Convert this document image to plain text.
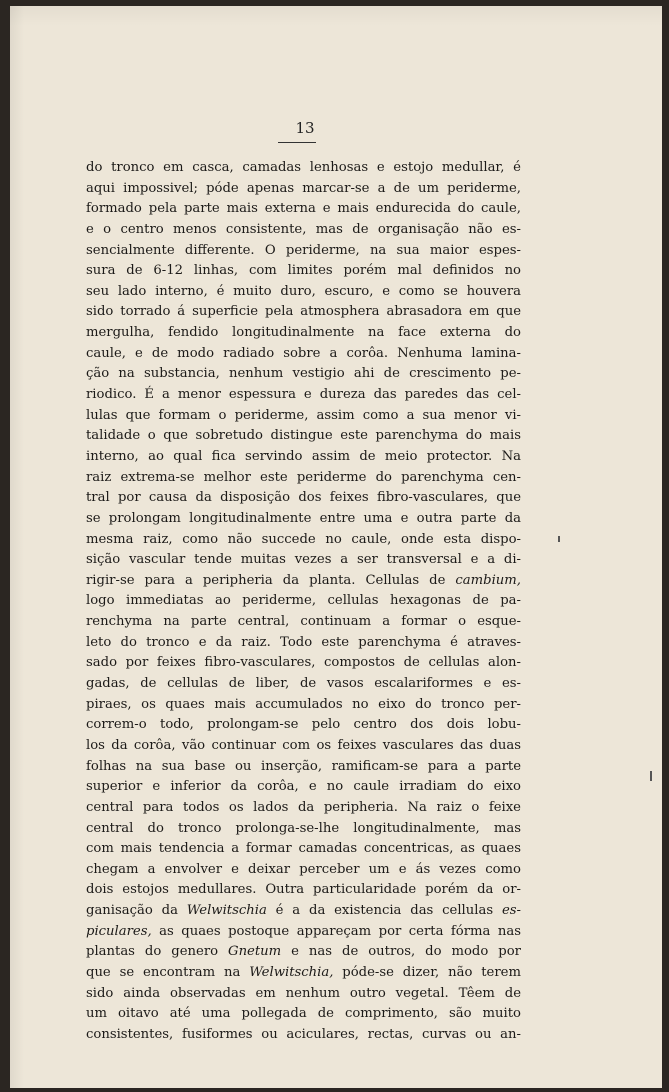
13
do tronco em casca, camadas lenhosas e estojo medullar, é
aqui impossivel; póde apenas marcar-se a de um periderme,
formado pela parte mais externa e mais endurecida do caule,
e o centro menos consistente, mas de organisação não es-
sencialmente differente. O periderme, na sua maior espes-
sura de 6-12 linhas, com limites porém mal definidos no
seu lado interno, é muito duro, escuro, e como se houvera
sido torrado á superficie pela atmosphera abrasadora em que
mergulha, fendido longitudinalmente na face externa do
caule, e de modo radiado sobre a corôa. Nenhuma lamina-
ção na substancia, nenhum vestigio ahi de crescimento pe-
riodico. É a menor espessura e dureza das paredes das cel-
lulas que formam o periderme, assim como a sua menor vi-
talidade o que sobretudo distingue este parenchyma do mais
interno, ao qual fica servindo assim de meio protector. Na
raiz extrema-se melhor este periderme do parenchyma cen-
tral por causa da disposição dos feixes fibro-vasculares, que
se prolongam longitudinalmente entre uma e outra parte da
mesma raiz, como não succede no caule, onde esta dispo-
sição vascular tende muitas vezes a ser transversal e a di-
rigir-se para a peripheria da planta. Cellulas de cambium,
logo immediatas ao periderme, cellulas hexagonas de pa-
renchyma na parte central, continuam a formar o esque-
leto do tronco e da raiz. Todo este parenchyma é atraves-
sado por feixes fibro-vasculares, compostos de cellulas alon-
gadas, de cellulas de liber, de vasos escalariformes e es-
piraes, os quaes mais accumulados no eixo do tronco per-
correm-o todo, prolongam-se pelo centro dos dois lobu-
los da corôa, vão continuar com os feixes vasculares das duas
folhas na sua base ou inserção, ramificam-se para a parte
superior e inferior da corôa, e no caule irradiam do eixo
central para todos os lados da peripheria. Na raiz o feixe
central do tronco prolonga-se-lhe longitudinalmente, mas
com mais tendencia a formar camadas concentricas, as quaes
chegam a envolver e deixar perceber um e ás vezes como
dois estojos medullares. Outra particularidade porém da or-
ganisação da Welwitschia é a da existencia das cellulas es-
piculares, as quaes postoque appareçam por certa fórma nas
plantas do genero Gnetum e nas de outros, do modo por
que se encontram na Welwitschia, póde-se dizer, não terem
sido ainda observadas em nenhum outro vegetal. Têem de
um oitavo até uma pollegada de comprimento, são muito
consistentes, fusiformes ou aciculares, rectas, curvas ou an-
